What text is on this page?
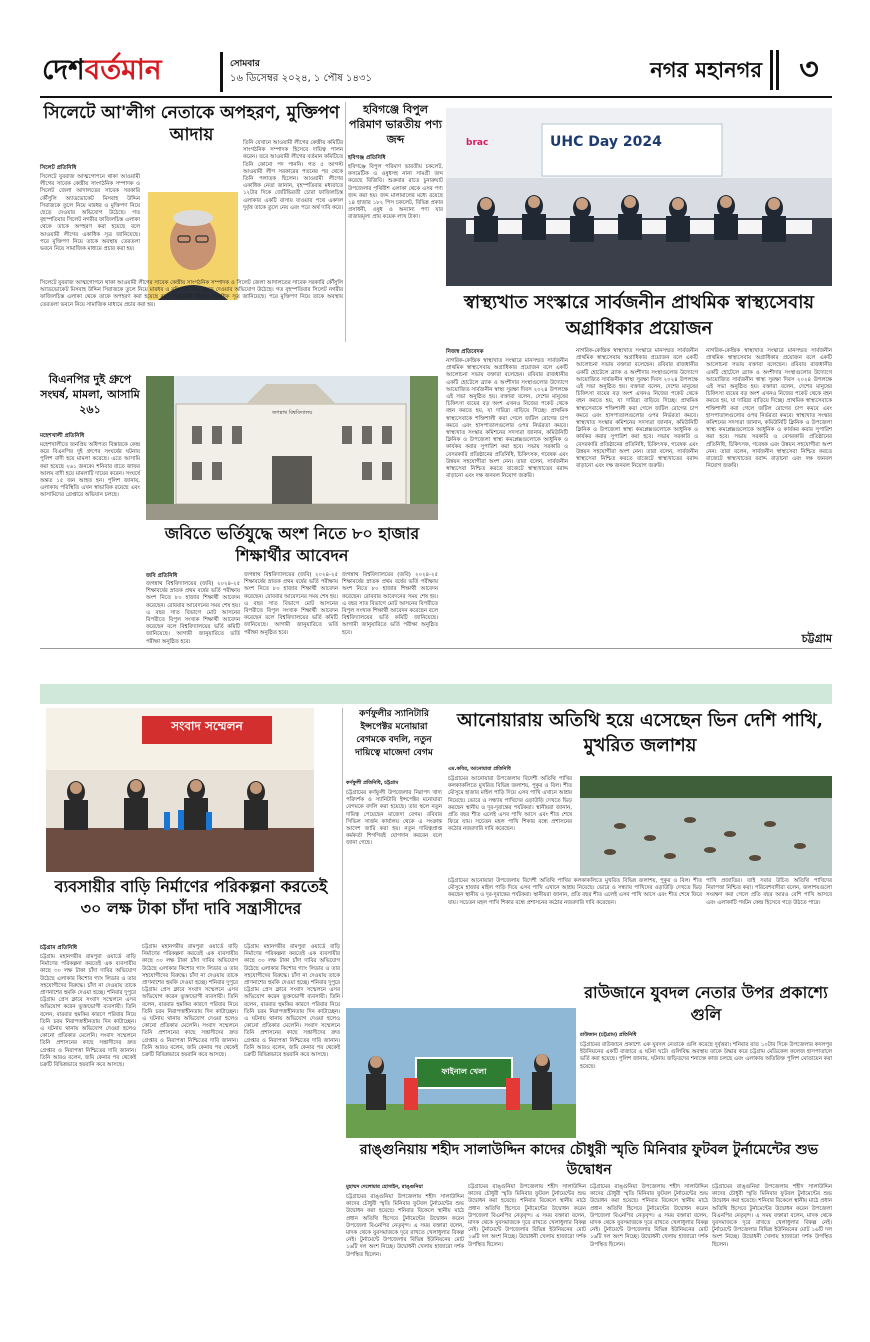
দেশবর্তমান	সোমবার
১৬ ডিসেম্বর ২০২৪, ১ পৌষ ১৪৩১	নগর মহানগর	৩
সিলেটে আ'লীগ নেতাকে অপহরণ, মুক্তিপণ আদায়
সিলেট প্রতিনিধি
সিলেটে যুবরাজ আত্মগোপনে থাকা আওয়ামী লীগের সাবেক কেন্দ্রীয় সাংগঠনিক সম্পাদক ও সিলেট জেলা আদালতের সাবেক সরকারি কৌঁসুলি অ্যাডভোকেট মিসবাহ উদ্দিন সিরাজকে তুলে নিয়ে মারধর ও মুক্তিপণ নিয়ে ছেড়ে দেওয়ার অভিযোগ উঠেছে। গত বৃহস্পতিবার সিলেট নগরীর ফাজিলচিস্ত এলাকা থেকে তাকে অপহরণ করা হয়েছে বলে আওয়ামী লীগের একাধিক সূত্র জানিয়েছে। পরে মুক্তিপণ নিয়ে তাকে অবস্থায় তেরতলা ভবনে নিয়ে সামাজিক মাধ্যমে প্রচার করা হয়।
সিলেটে যুবরাজ আত্মগোপনে থাকা আওয়ামী লীগের সাবেক কেন্দ্রীয় সাংগঠনিক সম্পাদক ও সিলেট জেলা আদালতের সাবেক সরকারি কৌঁসুলি অ্যাডভোকেট মিসবাহ উদ্দিন সিরাজকে তুলে নিয়ে মারধর ও মুক্তিপণ নিয়ে ছেড়ে দেওয়ার অভিযোগ উঠেছে। গত বৃহস্পতিবার সিলেট নগরীর ফাজিলচিস্ত এলাকা থেকে তাকে অপহরণ করা হয়েছে বলে আওয়ামী লীগের একাধিক সূত্র জানিয়েছে। পরে মুক্তিপণ নিয়ে তাকে অবস্থায় তেরতলা ভবনে নিয়ে সামাজিক মাধ্যমে প্রচার করা হয়।
তিনি যেখানে আওয়ামী লীগের কেন্দ্রীয় কমিটির সাংগঠনিক সম্পাদক হিসেবে দায়িত্ব পালন করেন। তবে আওয়ামী লীগের বর্তমান কমিটিতে তিনি কোনো পদ পাননি। গত ৫ আগস্ট আওয়ামী লীগ সরকারের পতনের পর থেকে তিনি পলাতক ছিলেন। আওয়ামী লীগের একাধিক নেতা জানান, বৃহস্পতিবার মধ্যরাতে ১২টার দিকে জেটিভিরতী চোরা ফাজিলচিস্ত এলাকার একটি বাসায় যাওয়ার পথে একদল দুর্বৃত্ত তাকে তুলে নেয় এবং পরে অর্থ দাবি করে।
হবিগঞ্জে বিপুল পরিমাণ ভারতীয় পণ্য জব্দ
হবিগঞ্জ প্রতিনিধি
হবিগঞ্জে বিপুল পরিমাণ ভারতীয় চকলেট, কসমেটিক ও ওষুধসহ নানা সামগ্রী জব্দ করেছে বিজিবি। শুক্রবার রাতে চুনারুঘাট উপজেলার পৃথিবীশ এলাকা থেকে এসব পণ্য জব্দ করা হয়। জব্দ মালামালের মধ্যে রয়েছে ১৪ হাজার ১৮২ পিস চকলেট, বিভিন্ন প্রকার প্রসাধনী, ওষুধ ও অন্যান্য পণ্য যার বাজারমূল্য প্রায় কয়েক লাখ টাকা।
brac	UHC Day 2024
স্বাস্থ্যখাত সংস্কারে সার্বজনীন প্রাথমিক স্বাস্থ্যসেবায় অগ্রাধিকার প্রয়োজন
নিজস্ব প্রতিবেদক
নাগরিক-কেন্দ্রিক স্বাস্থ্যখাত সংস্কারে মানসম্মত সার্বজনীন প্রাথমিক স্বাস্থ্যসেবায় অগ্রাধিকার প্রয়োজন বলে একটি আলোচনা সভায় বক্তারা বলেছেন। রবিবার রাজধানীর একটি হোটেলে ব্র্যাক ও অংশীদার সংস্থাগুলোর উদ্যোগে আয়োজিত সার্বজনীন স্বাস্থ্য সুরক্ষা দিবস ২০২৪ উপলক্ষে এই সভা অনুষ্ঠিত হয়। বক্তারা বলেন, দেশের মানুষের চিকিৎসা ব্যয়ের বড় অংশ এখনও নিজের পকেট থেকে বহন করতে হয়, যা দারিদ্র্য বাড়িয়ে দিচ্ছে। প্রাথমিক স্বাস্থ্যসেবাকে শক্তিশালী করা গেলে জটিল রোগের চাপ কমবে এবং হাসপাতালগুলোর ওপর নির্ভরতা কমবে। স্বাস্থ্যখাত সংস্কার কমিশনের সদস্যরা জানান, কমিউনিটি ক্লিনিক ও উপজেলা স্বাস্থ্য কমপ্লেক্সগুলোকে আধুনিক ও কার্যকর করার সুপারিশ করা হবে। সভায় সরকারি ও বেসরকারি প্রতিষ্ঠানের প্রতিনিধি, চিকিৎসক, গবেষক এবং উন্নয়ন সহযোগীরা অংশ নেন। তারা বলেন, সার্বজনীন স্বাস্থ্যসেবা নিশ্চিত করতে বাজেটে স্বাস্থ্যখাতের বরাদ্দ বাড়ানো এবং দক্ষ জনবল নিয়োগ জরুরি।
নাগরিক-কেন্দ্রিক স্বাস্থ্যখাত সংস্কারে মানসম্মত সার্বজনীন প্রাথমিক স্বাস্থ্যসেবায় অগ্রাধিকার প্রয়োজন বলে একটি আলোচনা সভায় বক্তারা বলেছেন। রবিবার রাজধানীর একটি হোটেলে ব্র্যাক ও অংশীদার সংস্থাগুলোর উদ্যোগে আয়োজিত সার্বজনীন স্বাস্থ্য সুরক্ষা দিবস ২০২৪ উপলক্ষে এই সভা অনুষ্ঠিত হয়। বক্তারা বলেন, দেশের মানুষের চিকিৎসা ব্যয়ের বড় অংশ এখনও নিজের পকেট থেকে বহন করতে হয়, যা দারিদ্র্য বাড়িয়ে দিচ্ছে। প্রাথমিক স্বাস্থ্যসেবাকে শক্তিশালী করা গেলে জটিল রোগের চাপ কমবে এবং হাসপাতালগুলোর ওপর নির্ভরতা কমবে। স্বাস্থ্যখাত সংস্কার কমিশনের সদস্যরা জানান, কমিউনিটি ক্লিনিক ও উপজেলা স্বাস্থ্য কমপ্লেক্সগুলোকে আধুনিক ও কার্যকর করার সুপারিশ করা হবে। সভায় সরকারি ও বেসরকারি প্রতিষ্ঠানের প্রতিনিধি, চিকিৎসক, গবেষক এবং উন্নয়ন সহযোগীরা অংশ নেন। তারা বলেন, সার্বজনীন স্বাস্থ্যসেবা নিশ্চিত করতে বাজেটে স্বাস্থ্যখাতের বরাদ্দ বাড়ানো এবং দক্ষ জনবল নিয়োগ জরুরি।
নাগরিক-কেন্দ্রিক স্বাস্থ্যখাত সংস্কারে মানসম্মত সার্বজনীন প্রাথমিক স্বাস্থ্যসেবায় অগ্রাধিকার প্রয়োজন বলে একটি আলোচনা সভায় বক্তারা বলেছেন। রবিবার রাজধানীর একটি হোটেলে ব্র্যাক ও অংশীদার সংস্থাগুলোর উদ্যোগে আয়োজিত সার্বজনীন স্বাস্থ্য সুরক্ষা দিবস ২০২৪ উপলক্ষে এই সভা অনুষ্ঠিত হয়। বক্তারা বলেন, দেশের মানুষের চিকিৎসা ব্যয়ের বড় অংশ এখনও নিজের পকেট থেকে বহন করতে হয়, যা দারিদ্র্য বাড়িয়ে দিচ্ছে। প্রাথমিক স্বাস্থ্যসেবাকে শক্তিশালী করা গেলে জটিল রোগের চাপ কমবে এবং হাসপাতালগুলোর ওপর নির্ভরতা কমবে। স্বাস্থ্যখাত সংস্কার কমিশনের সদস্যরা জানান, কমিউনিটি ক্লিনিক ও উপজেলা স্বাস্থ্য কমপ্লেক্সগুলোকে আধুনিক ও কার্যকর করার সুপারিশ করা হবে। সভায় সরকারি ও বেসরকারি প্রতিষ্ঠানের প্রতিনিধি, চিকিৎসক, গবেষক এবং উন্নয়ন সহযোগীরা অংশ নেন। তারা বলেন, সার্বজনীন স্বাস্থ্যসেবা নিশ্চিত করতে বাজেটে স্বাস্থ্যখাতের বরাদ্দ বাড়ানো এবং দক্ষ জনবল নিয়োগ জরুরি।
বিএনপির দুই গ্রুপে সংঘর্ষ, মামলা, আসামি ২৬১
মহেশখালী প্রতিনিধি
মহেশখালীতে জনপ্রিয় অধিপত্য বিস্তারকে কেন্দ্র করে বিএনপির দুই গ্রুপের সংঘর্ষের ঘটনায় পুলিশ বাদী হয়ে মামলা করেছে। এতে আসামি করা হয়েছে ২৬১ জনকে। শনিবার রাতে জাফর আলম বাদী হয়ে মামলাটি দায়ের করেন। সংঘর্ষে অন্তত ১৫ জন আহত হন। পুলিশ জানায়, এলাকায় পরিস্থিতি এখন স্বাভাবিক রয়েছে এবং আসামিদের গ্রেপ্তারে অভিযান চলছে।
জগন্নাথ বিশ্ববিদ্যালয়
জবিতে ভর্তিযুদ্ধে অংশ নিতে ৮০ হাজার শিক্ষার্থীর আবেদন
জবি প্রতিনিধি
জগন্নাথ বিশ্ববিদ্যালয়ের (জবি) ২০২৪-২৫ শিক্ষাবর্ষের স্নাতক প্রথম বর্ষের ভর্তি পরীক্ষায় অংশ নিতে ৮০ হাজার শিক্ষার্থী আবেদন করেছেন। রোববার আবেদনের সময় শেষ হয়। এ বছর সাত বিভাগে মোট আসনের বিপরীতে বিপুল সংখ্যক শিক্ষার্থী আবেদন করেছেন বলে বিশ্ববিদ্যালয়ের ভর্তি কমিটি জানিয়েছে। আগামী জানুয়ারিতে ভর্তি পরীক্ষা অনুষ্ঠিত হবে।
জগন্নাথ বিশ্ববিদ্যালয়ের (জবি) ২০২৪-২৫ শিক্ষাবর্ষের স্নাতক প্রথম বর্ষের ভর্তি পরীক্ষায় অংশ নিতে ৮০ হাজার শিক্ষার্থী আবেদন করেছেন। রোববার আবেদনের সময় শেষ হয়। এ বছর সাত বিভাগে মোট আসনের বিপরীতে বিপুল সংখ্যক শিক্ষার্থী আবেদন করেছেন বলে বিশ্ববিদ্যালয়ের ভর্তি কমিটি জানিয়েছে। আগামী জানুয়ারিতে ভর্তি পরীক্ষা অনুষ্ঠিত হবে।
জগন্নাথ বিশ্ববিদ্যালয়ের (জবি) ২০২৪-২৫ শিক্ষাবর্ষের স্নাতক প্রথম বর্ষের ভর্তি পরীক্ষায় অংশ নিতে ৮০ হাজার শিক্ষার্থী আবেদন করেছেন। রোববার আবেদনের সময় শেষ হয়। এ বছর সাত বিভাগে মোট আসনের বিপরীতে বিপুল সংখ্যক শিক্ষার্থী আবেদন করেছেন বলে বিশ্ববিদ্যালয়ের ভর্তি কমিটি জানিয়েছে। আগামী জানুয়ারিতে ভর্তি পরীক্ষা অনুষ্ঠিত হবে।	চট্টগ্রাম
সংবাদ সম্মেলন
ব্যবসায়ীর বাড়ি নির্মাণের পরিকল্পনা করতেই ৩০ লক্ষ টাকা চাঁদা দাবি সন্ত্রাসীদের
চট্টগ্রাম প্রতিনিধি
চট্টগ্রাম মহানগরীর রামপুরা ওয়ার্ডে বাড়ি নির্মাণের পরিকল্পনা করতেই এক ব্যবসায়ীর কাছে ৩০ লক্ষ টাকা চাঁদা দাবির অভিযোগ উঠেছে এলাকার কিশোর গ্যাং লিডার ও তার সহযোগীদের বিরুদ্ধে। চাঁদা না দেওয়ায় তাকে প্রাণনাশের হুমকি দেওয়া হচ্ছে। শনিবার দুপুরে চট্টগ্রাম প্রেস ক্লাবে সংবাদ সম্মেলনে এসব অভিযোগ করেন ভুক্তভোগী ব্যবসায়ী। তিনি বলেন, বারবার হুমকির কারণে পরিবার নিয়ে তিনি চরম নিরাপত্তাহীনতায় দিন কাটাচ্ছেন। এ ঘটনায় থানায় অভিযোগ দেওয়া হলেও কোনো প্রতিকার মেলেনি। সংবাদ সম্মেলনে তিনি প্রশাসনের কাছে সন্ত্রাসীদের দ্রুত গ্রেপ্তার ও নিরাপত্তা নিশ্চিতের দাবি জানান। তিনি আরও বলেন, জমি কেনার পর থেকেই চক্রটি বিভিন্নভাবে হয়রানি করে আসছে।
চট্টগ্রাম মহানগরীর রামপুরা ওয়ার্ডে বাড়ি নির্মাণের পরিকল্পনা করতেই এক ব্যবসায়ীর কাছে ৩০ লক্ষ টাকা চাঁদা দাবির অভিযোগ উঠেছে এলাকার কিশোর গ্যাং লিডার ও তার সহযোগীদের বিরুদ্ধে। চাঁদা না দেওয়ায় তাকে প্রাণনাশের হুমকি দেওয়া হচ্ছে। শনিবার দুপুরে চট্টগ্রাম প্রেস ক্লাবে সংবাদ সম্মেলনে এসব অভিযোগ করেন ভুক্তভোগী ব্যবসায়ী। তিনি বলেন, বারবার হুমকির কারণে পরিবার নিয়ে তিনি চরম নিরাপত্তাহীনতায় দিন কাটাচ্ছেন। এ ঘটনায় থানায় অভিযোগ দেওয়া হলেও কোনো প্রতিকার মেলেনি। সংবাদ সম্মেলনে তিনি প্রশাসনের কাছে সন্ত্রাসীদের দ্রুত গ্রেপ্তার ও নিরাপত্তা নিশ্চিতের দাবি জানান। তিনি আরও বলেন, জমি কেনার পর থেকেই চক্রটি বিভিন্নভাবে হয়রানি করে আসছে।
চট্টগ্রাম মহানগরীর রামপুরা ওয়ার্ডে বাড়ি নির্মাণের পরিকল্পনা করতেই এক ব্যবসায়ীর কাছে ৩০ লক্ষ টাকা চাঁদা দাবির অভিযোগ উঠেছে এলাকার কিশোর গ্যাং লিডার ও তার সহযোগীদের বিরুদ্ধে। চাঁদা না দেওয়ায় তাকে প্রাণনাশের হুমকি দেওয়া হচ্ছে। শনিবার দুপুরে চট্টগ্রাম প্রেস ক্লাবে সংবাদ সম্মেলনে এসব অভিযোগ করেন ভুক্তভোগী ব্যবসায়ী। তিনি বলেন, বারবার হুমকির কারণে পরিবার নিয়ে তিনি চরম নিরাপত্তাহীনতায় দিন কাটাচ্ছেন। এ ঘটনায় থানায় অভিযোগ দেওয়া হলেও কোনো প্রতিকার মেলেনি। সংবাদ সম্মেলনে তিনি প্রশাসনের কাছে সন্ত্রাসীদের দ্রুত গ্রেপ্তার ও নিরাপত্তা নিশ্চিতের দাবি জানান। তিনি আরও বলেন, জমি কেনার পর থেকেই চক্রটি বিভিন্নভাবে হয়রানি করে আসছে।
কর্ণফুলীর স্যানিটারি ইন্সপেক্টর মনোয়ারা বেগমকে বদলি, নতুন দায়িত্বে মাজেদা বেগম
কর্ণফুলী প্রতিনিধি, চট্টগ্রাম
চট্টগ্রামের কর্ণফুলী উপজেলার নিরাপদ খাদ্য পরিদর্শক ও স্যানিটারি ইন্সপেক্টর মনোয়ারা বেগমকে বদলি করা হয়েছে। তার স্থলে নতুন দায়িত্ব পেয়েছেন মাজেদা বেগম। রবিবার সিভিল সার্জন কার্যালয় থেকে এ সংক্রান্ত আদেশ জারি করা হয়। নতুন দায়িত্বপ্রাপ্ত কর্মকর্তা শিগগিরই যোগদান করবেন বলে জানা গেছে।
আনোয়ারায় অতিথি হয়ে এসেছেন ভিন দেশি পাখি, মুখরিত জলাশয়
এম.কবির, আনোয়ারা প্রতিনিধি
চট্টগ্রামের আনোয়ারা উপজেলায় বিদেশী অতিথি পাখির কলকাকলিতে মুখরিত বিভিন্ন জলাশয়, পুকুর ও বিল। শীত মৌসুমে হাজার মাইল পাড়ি দিয়ে এসব পাখি এখানে আশ্রয় নিয়েছে। ভোরে ও সন্ধ্যায় পাখিদের ওড়াউড়ি দেখতে ভিড় করছেন স্থানীয় ও দূর-দূরান্তের পর্যটকরা। স্থানীয়রা জানান, প্রতি বছর শীত এলেই এসব পাখি আসে এবং শীত শেষে ফিরে যায়। সচেতন মহল পাখি শিকার বন্ধে প্রশাসনের কঠোর নজরদারি দাবি করেছেন।
চট্টগ্রামের আনোয়ারা উপজেলায় বিদেশী অতিথি পাখির কলকাকলিতে মুখরিত বিভিন্ন জলাশয়, পুকুর ও বিল। শীত মৌসুমে হাজার মাইল পাড়ি দিয়ে এসব পাখি এখানে আশ্রয় নিয়েছে। ভোরে ও সন্ধ্যায় পাখিদের ওড়াউড়ি দেখতে ভিড় করছেন স্থানীয় ও দূর-দূরান্তের পর্যটকরা। স্থানীয়রা জানান, প্রতি বছর শীত এলেই এসব পাখি আসে এবং শীত শেষে ফিরে যায়। সচেতন মহল পাখি শিকার বন্ধে প্রশাসনের কঠোর নজরদারি দাবি করেছেন।
পাখি প্রজাতির। তাই সবার উচিত অতিথি পাখিদের নিরাপত্তা নিশ্চিত করা। পরিবেশবাদীরা বলেন, জলাশয়গুলো সংরক্ষণ করা গেলে প্রতি বছর আরও বেশি পাখি আসবে এবং এলাকাটি পর্যটন কেন্দ্র হিসেবে গড়ে উঠতে পারে।
রাউজানে যুবদল নেতার উপর প্রকাশ্যে গুলি
রাউজান (চট্টগ্রাম) প্রতিনিধি
চট্টগ্রামের রাউজানে প্রকাশ্যে এক যুবদল নেতাকে গুলি করেছে দুর্বৃত্তরা। শনিবার রাত ১০টার দিকে উপজেলার কদলপুর ইউনিয়নের একটি বাজারে এ ঘটনা ঘটে। গুলিবিদ্ধ অবস্থায় তাকে উদ্ধার করে চট্টগ্রাম মেডিকেল কলেজ হাসপাতালে ভর্তি করা হয়েছে। পুলিশ জানায়, ঘটনায় জড়িতদের শনাক্তে কাজ চলছে এবং এলাকায় অতিরিক্ত পুলিশ মোতায়েন করা হয়েছে।
ফাইনাল খেলা
রাঙ্গুনিয়ায় শহীদ সালাউদ্দিন কাদের চৌধুরী স্মৃতি মিনিবার ফুটবল টুর্নামেন্টের শুভ উদ্বোধন
মুহাম্মদ দেলোয়ার হোসাইন, রাঙ্গুনিয়া
চট্টগ্রামের রাঙ্গুনিয়া উপজেলায় শহীদ সালাউদ্দিন কাদের চৌধুরী স্মৃতি মিনিবার ফুটবল টুর্নামেন্টের শুভ উদ্বোধন করা হয়েছে। শনিবার বিকেলে স্থানীয় মাঠে প্রধান অতিথি হিসেবে টুর্নামেন্টের উদ্বোধন করেন উপজেলা বিএনপির নেতৃবৃন্দ। এ সময় বক্তারা বলেন, মাদক থেকে যুবসমাজকে দূরে রাখতে খেলাধুলার বিকল্প নেই। টুর্নামেন্টে উপজেলার বিভিন্ন ইউনিয়নের মোট ১৬টি দল অংশ নিচ্ছে। উদ্বোধনী খেলায় হাজারো দর্শক উপস্থিত ছিলেন।
চট্টগ্রামের রাঙ্গুনিয়া উপজেলায় শহীদ সালাউদ্দিন কাদের চৌধুরী স্মৃতি মিনিবার ফুটবল টুর্নামেন্টের শুভ উদ্বোধন করা হয়েছে। শনিবার বিকেলে স্থানীয় মাঠে প্রধান অতিথি হিসেবে টুর্নামেন্টের উদ্বোধন করেন উপজেলা বিএনপির নেতৃবৃন্দ। এ সময় বক্তারা বলেন, মাদক থেকে যুবসমাজকে দূরে রাখতে খেলাধুলার বিকল্প নেই। টুর্নামেন্টে উপজেলার বিভিন্ন ইউনিয়নের মোট ১৬টি দল অংশ নিচ্ছে। উদ্বোধনী খেলায় হাজারো দর্শক উপস্থিত ছিলেন।
চট্টগ্রামের রাঙ্গুনিয়া উপজেলায় শহীদ সালাউদ্দিন কাদের চৌধুরী স্মৃতি মিনিবার ফুটবল টুর্নামেন্টের শুভ উদ্বোধন করা হয়েছে। শনিবার বিকেলে স্থানীয় মাঠে প্রধান অতিথি হিসেবে টুর্নামেন্টের উদ্বোধন করেন উপজেলা বিএনপির নেতৃবৃন্দ। এ সময় বক্তারা বলেন, মাদক থেকে যুবসমাজকে দূরে রাখতে খেলাধুলার বিকল্প নেই। টুর্নামেন্টে উপজেলার বিভিন্ন ইউনিয়নের মোট ১৬টি দল অংশ নিচ্ছে। উদ্বোধনী খেলায় হাজারো দর্শক উপস্থিত ছিলেন।
চট্টগ্রামের রাঙ্গুনিয়া উপজেলায় শহীদ সালাউদ্দিন কাদের চৌধুরী স্মৃতি মিনিবার ফুটবল টুর্নামেন্টের শুভ উদ্বোধন করা হয়েছে। শনিবার বিকেলে স্থানীয় মাঠে প্রধান অতিথি হিসেবে টুর্নামেন্টের উদ্বোধন করেন উপজেলা বিএনপির নেতৃবৃন্দ। এ সময় বক্তারা বলেন, মাদক থেকে যুবসমাজকে দূরে রাখতে খেলাধুলার বিকল্প নেই। টুর্নামেন্টে উপজেলার বিভিন্ন ইউনিয়নের মোট ১৬টি দল অংশ নিচ্ছে। উদ্বোধনী খেলায় হাজারো দর্শক উপস্থিত ছিলেন।
